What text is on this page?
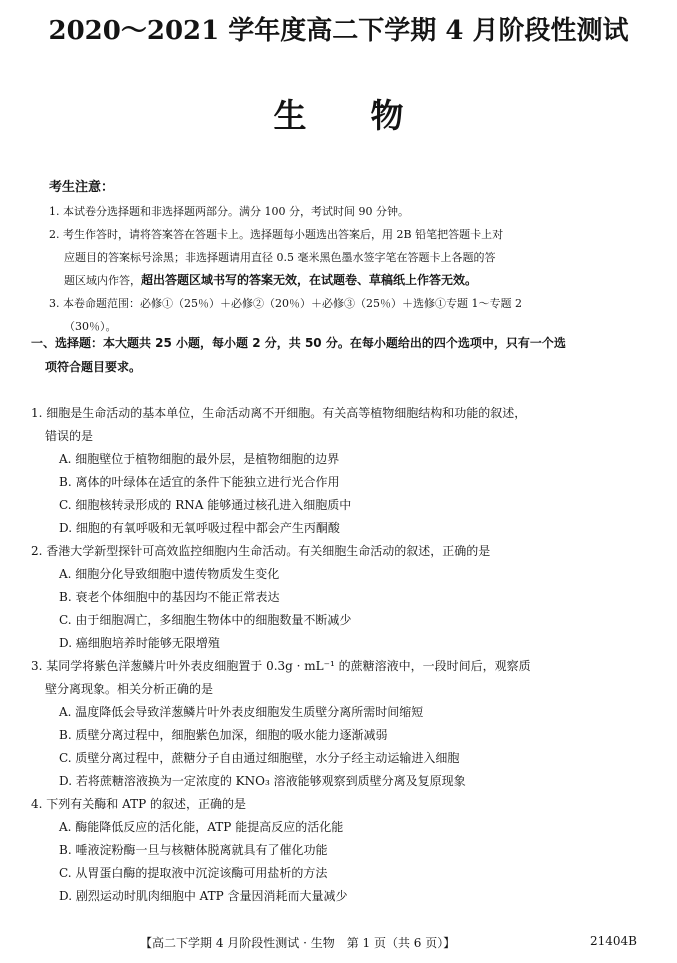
2020～2021 学年度高二下学期 4 月阶段性测试
生物
考生注意：

1. 本试卷分选择题和非选择题两部分。满分 100 分，考试时间 90 分钟。

2. 考生作答时，请将答案答在答题卡上。选择题每小题选出答案后，用 2B 铅笔把答题卡上对
应题目的答案标号涂黑；非选择题请用直径 0.5 毫米黑色墨水签字笔在答题卡上各题的答
题区域内作答，超出答题区域书写的答案无效，在试题卷、草稿纸上作答无效。

3. 本卷命题范围：必修①（25％）＋必修②（20％）＋必修③（25％）＋选修①专题 1～专题 2
（30％）。

一、选择题：本大题共 25 小题，每小题 2 分，共 50 分。在每小题给出的四个选项中，只有一个选
项符合题目要求。

1. 细胞是生命活动的基本单位，生命活动离不开细胞。有关高等植物细胞结构和功能的叙述，
错误的是

A. 细胞壁位于植物细胞的最外层，是植物细胞的边界

B. 离体的叶绿体在适宜的条件下能独立进行光合作用

C. 细胞核转录形成的 RNA 能够通过核孔进入细胞质中

D. 细胞的有氧呼吸和无氧呼吸过程中都会产生丙酮酸

2. 香港大学新型探针可高效监控细胞内生命活动。有关细胞生命活动的叙述，正确的是

A. 细胞分化导致细胞中遗传物质发生变化

B. 衰老个体细胞中的基因均不能正常表达

C. 由于细胞凋亡，多细胞生物体中的细胞数量不断减少

D. 癌细胞培养时能够无限增殖

3. 某同学将紫色洋葱鳞片叶外表皮细胞置于 0.3g · mL⁻¹ 的蔗糖溶液中，一段时间后，观察质
壁分离现象。相关分析正确的是

A. 温度降低会导致洋葱鳞片叶外表皮细胞发生质壁分离所需时间缩短

B. 质壁分离过程中，细胞紫色加深，细胞的吸水能力逐渐减弱

C. 质壁分离过程中，蔗糖分子自由通过细胞壁，水分子经主动运输进入细胞

D. 若将蔗糖溶液换为一定浓度的 KNO₃ 溶液能够观察到质壁分离及复原现象

4. 下列有关酶和 ATP 的叙述，正确的是

A. 酶能降低反应的活化能，ATP 能提高反应的活化能

B. 唾液淀粉酶一旦与核糖体脱离就具有了催化功能

C. 从胃蛋白酶的提取液中沉淀该酶可用盐析的方法

D. 剧烈运动时肌肉细胞中 ATP 含量因消耗而大量减少

【高二下学期 4 月阶段性测试 · 生物　第 1 页（共 6 页）】	21404B
